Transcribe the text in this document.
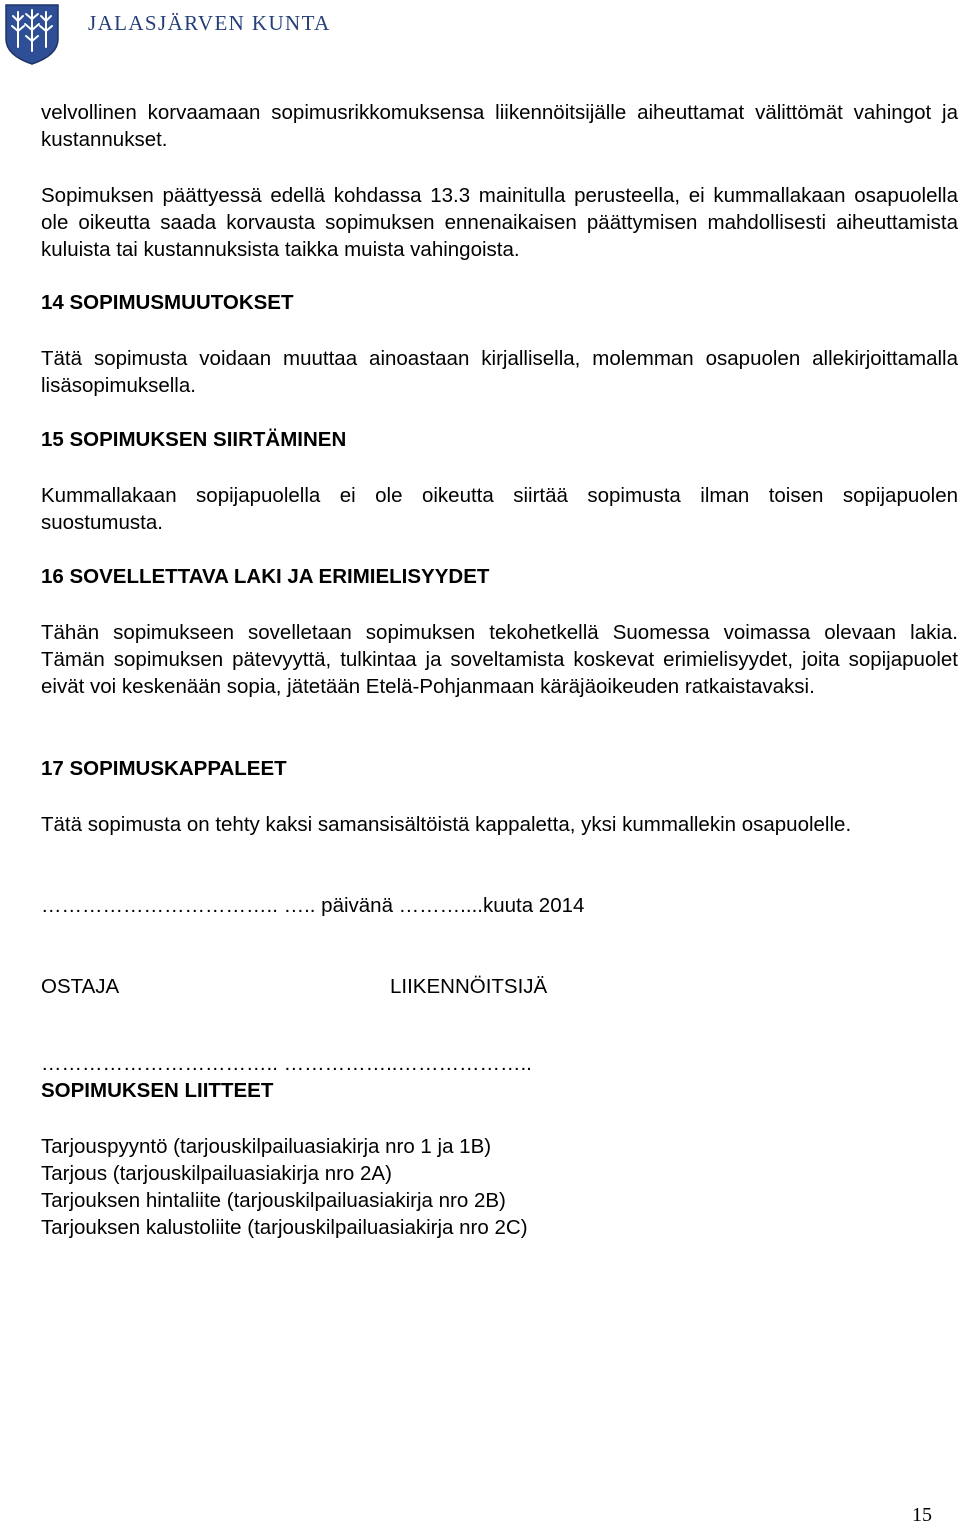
JALASJÄRVEN KUNTA

velvollinen korvaamaan sopimusrikkomuksensa liikennöitsijälle aiheuttamat välittömät vahingot ja kustannukset.

Sopimuksen päättyessä edellä kohdassa 13.3 mainitulla perusteella, ei kummallakaan osapuolella ole oikeutta saada korvausta sopimuksen ennenaikaisen päättymisen mahdollisesti aiheuttamista kuluista tai kustannuksista taikka muista vahingoista.

14 SOPIMUSMUUTOKSET

Tätä sopimusta voidaan muuttaa ainoastaan kirjallisella, molemman osapuolen allekirjoittamalla lisäsopimuksella.

15 SOPIMUKSEN SIIRTÄMINEN

Kummallakaan sopijapuolella ei ole oikeutta siirtää sopimusta ilman toisen sopijapuolen suostumusta.

16 SOVELLETTAVA LAKI JA ERIMIELISYYDET

Tähän sopimukseen sovelletaan sopimuksen tekohetkellä Suomessa voimassa olevaan lakia. Tämän sopimuksen pätevyyttä, tulkintaa ja soveltamista koskevat erimielisyydet, joita sopijapuolet eivät voi keskenään sopia, jätetään Etelä-Pohjanmaan käräjäoikeuden ratkaistavaksi.

17 SOPIMUSKAPPALEET

Tätä sopimusta on tehty kaksi samansisältöistä kappaletta, yksi kummallekin osapuolelle.

…………………………….. ….. päivänä ………....kuuta 2014
OSTAJA	LIIKENNÖITSIJÄ
…………………………….. ……………..………………..

SOPIMUKSEN LIITTEET

Tarjouspyyntö (tarjouskilpailuasiakirja nro 1 ja 1B)

Tarjous (tarjouskilpailuasiakirja nro 2A)

Tarjouksen hintaliite (tarjouskilpailuasiakirja nro 2B)

Tarjouksen kalustoliite (tarjouskilpailuasiakirja nro 2C)

15
